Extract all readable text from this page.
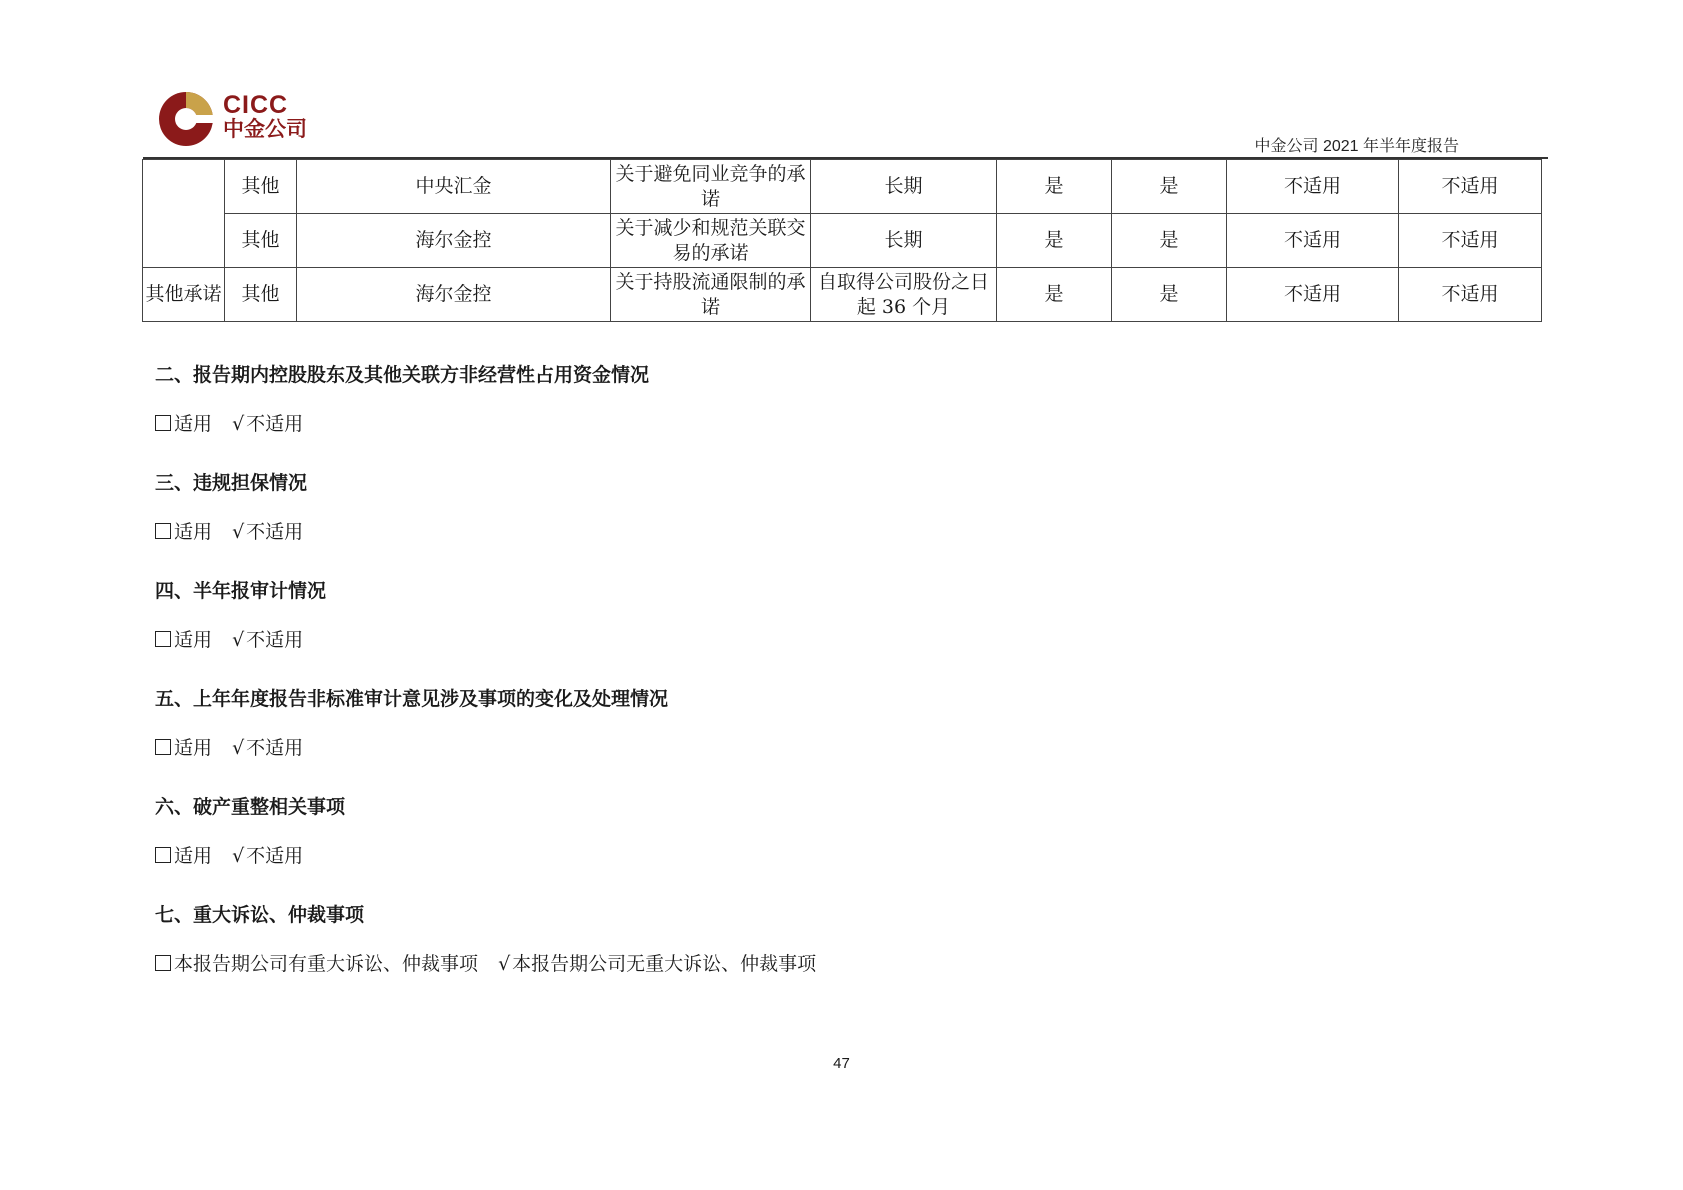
CICC
中金公司
中金公司 2021 年半年度报告
	其他	中央汇金	关于避免同业竞争的承诺	长期	是	是	不适用	不适用
	其他	海尔金控	关于减少和规范关联交易的承诺	长期	是	是	不适用	不适用
其他承诺	其他	海尔金控	关于持股流通限制的承诺	自取得公司股份之日起 36 个月	是	是	不适用	不适用
二、报告期内控股股东及其他关联方非经营性占用资金情况
适用 √ 不适用
三、违规担保情况
适用 √ 不适用
四、半年报审计情况
适用 √ 不适用
五、上年年度报告非标准审计意见涉及事项的变化及处理情况
适用 √ 不适用
六、破产重整相关事项
适用 √ 不适用
七、重大诉讼、仲裁事项
本报告期公司有重大诉讼、仲裁事项 √ 本报告期公司无重大诉讼、仲裁事项
47
